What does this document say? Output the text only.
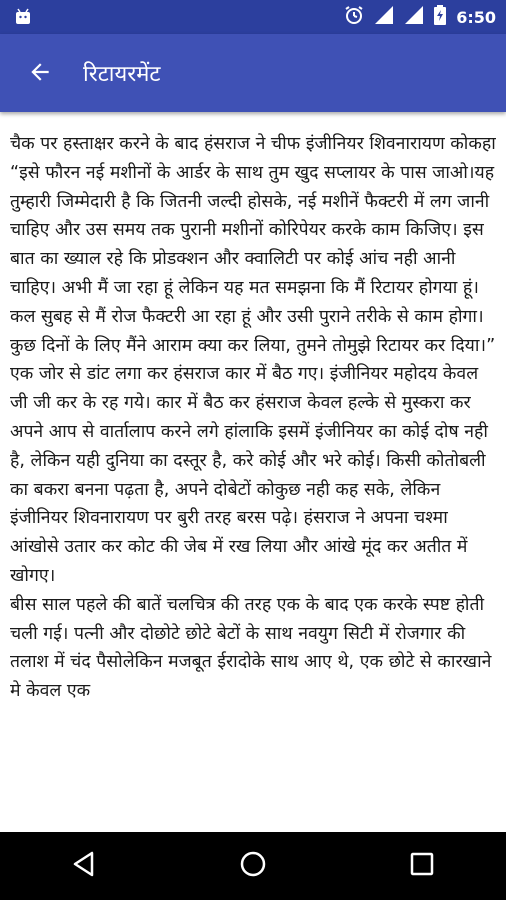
6:50
रिटायरमेंट

चैक पर हस्ताक्षर करने के बाद हंसराज ने चीफ इंजीनियर शिवनारायण कोकहा “इसे फौरन नई मशीनों के आर्डर के साथ तुम खुद सप्लायर के पास जाओ।यह तुम्हारी जिम्मेदारी है कि जितनी जल्दी होसके, नई मशीनें फैक्टरी में लग जानी चाहिए और उस समय तक पुरानी मशीनों कोरिपेयर करके काम किजिए। इस बात का ख्याल रहे कि प्रोडक्शन और क्वालिटी पर कोई आंच नही आनी चाहिए। अभी मैं जा रहा हूं लेकिन यह मत समझना कि मैं रिटायर होगया हूं। कल सुबह से मैं रोज फैक्टरी आ रहा हूं और उसी पुराने तरीके से काम होगा। कुछ दिनों के लिए मैंने आराम क्या कर लिया, तुमने तोमुझे रिटायर कर दिया।” एक जोर से डांट लगा कर हंसराज कार में बैठ गए। इंजीनियर महोदय केवल जी जी कर के रह गये। कार में बैठ कर हंसराज केवल हल्के से मुस्करा कर अपने आप से वार्तालाप करने लगे हांलाकि इसमें इंजीनियर का कोई दोष नही है, लेकिन यही दुनिया का दस्तूर है, करे कोई और भरे कोई। किसी कोतोबली का बकरा बनना पढ़ता है, अपने दोबेटों कोकुछ नही कह सके, लेकिन इंजीनियर शिवनारायण पर बुरी तरह बरस पढ़े। हंसराज ने अपना चश्मा आंखोसे उतार कर कोट की जेब में रख लिया और आंखे मूंद कर अतीत में खोगए।

बीस साल पहले की बातें चलचित्र की तरह एक के बाद एक करके स्पष्ट होती चली गई। पत्नी और दोछोटे छोटे बेटों के साथ नवयुग सिटी में रोजगार की तलाश में चंद पैसोलेकिन मजबूत ईरादोके साथ आए थे, एक छोटे से कारखाने मे केवल एक
